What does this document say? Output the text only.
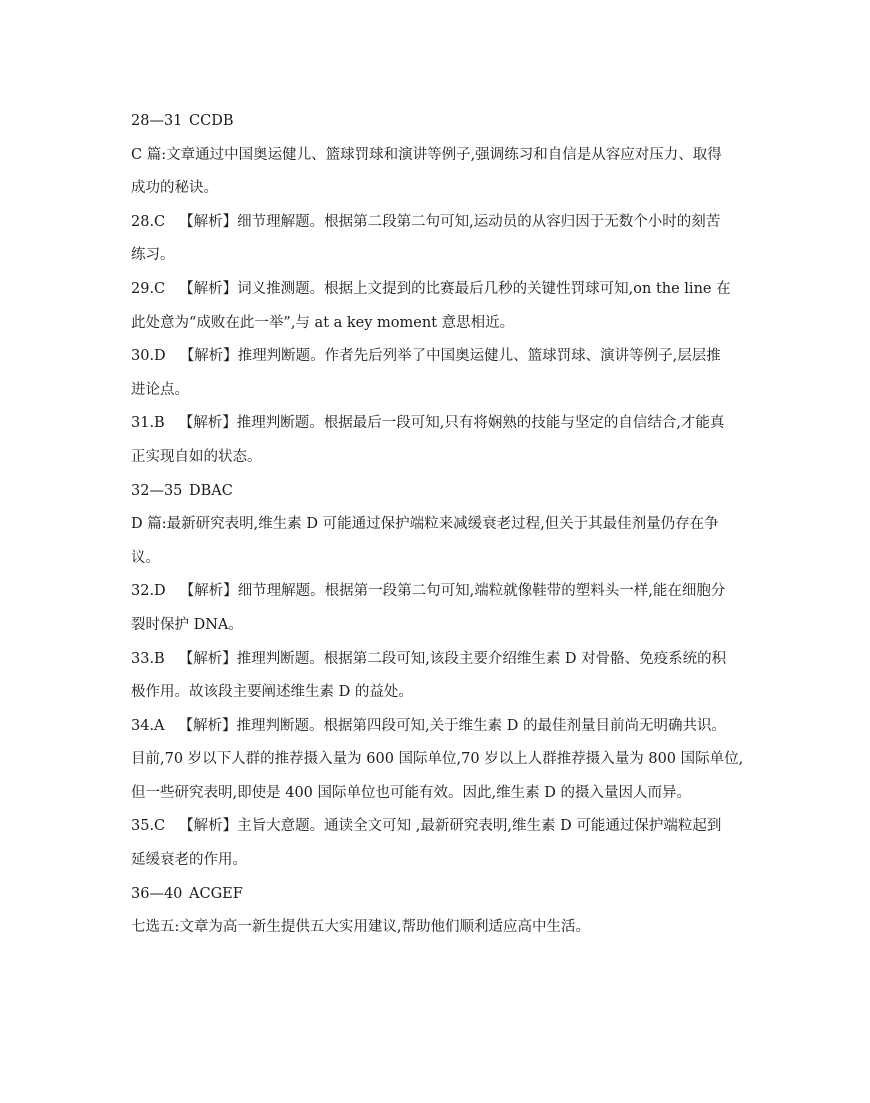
28—31 CCDB
C 篇:文章通过中国奥运健儿、篮球罚球和演讲等例子,强调练习和自信是从容应对压力、取得
成功的秘诀。
28.C 【解析】细节理解题。根据第二段第二句可知,运动员的从容归因于无数个小时的刻苦
练习。
29.C 【解析】词义推测题。根据上文提到的比赛最后几秒的关键性罚球可知,on the line 在
此处意为“成败在此一举”,与 at a key moment 意思相近。
30.D 【解析】推理判断题。作者先后列举了中国奥运健儿、篮球罚球、演讲等例子,层层推
进论点。
31.B 【解析】推理判断题。根据最后一段可知,只有将娴熟的技能与坚定的自信结合,才能真
正实现自如的状态。
32—35 DBAC
D 篇:最新研究表明,维生素 D 可能通过保护端粒来减缓衰老过程,但关于其最佳剂量仍存在争
议。
32.D 【解析】细节理解题。根据第一段第二句可知,端粒就像鞋带的塑料头一样,能在细胞分
裂时保护 DNA。
33.B 【解析】推理判断题。根据第二段可知,该段主要介绍维生素 D 对骨骼、免疫系统的积
极作用。故该段主要阐述维生素 D 的益处。
34.A 【解析】推理判断题。根据第四段可知,关于维生素 D 的最佳剂量目前尚无明确共识。
目前,70 岁以下人群的推荐摄入量为 600 国际单位,70 岁以上人群推荐摄入量为 800 国际单位,
但一些研究表明,即使是 400 国际单位也可能有效。因此,维生素 D 的摄入量因人而异。
35.C 【解析】主旨大意题。通读全文可知 ,最新研究表明,维生素 D 可能通过保护端粒起到
延缓衰老的作用。
36—40 ACGEF
七选五:文章为高一新生提供五大实用建议,帮助他们顺利适应高中生活。
